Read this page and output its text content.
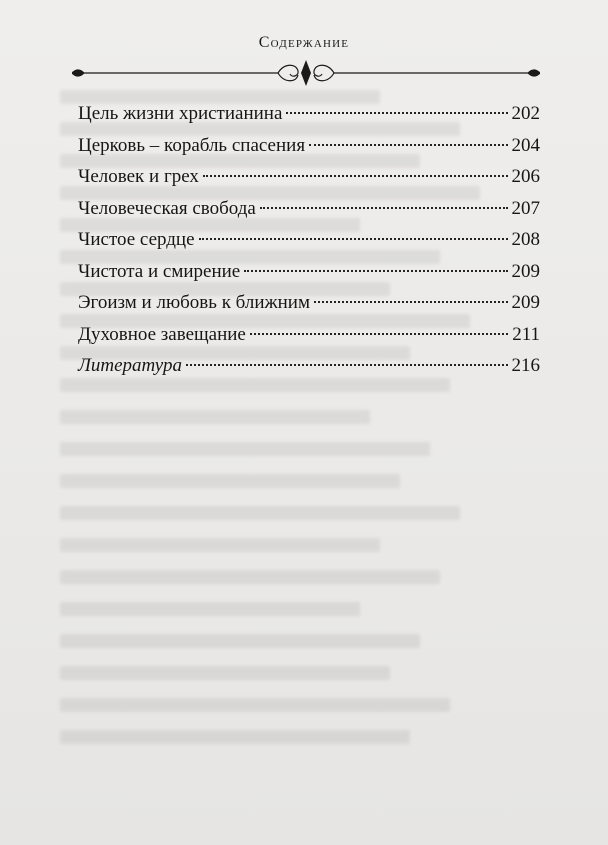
Содержание
Цель жизни христианина	202
Церковь – корабль спасения	204
Человек и грех	206
Человеческая свобода	207
Чистое сердце	208
Чистота и смирение	209
Эгоизм и любовь к ближним	209
Духовное завещание	211
Литература	216
